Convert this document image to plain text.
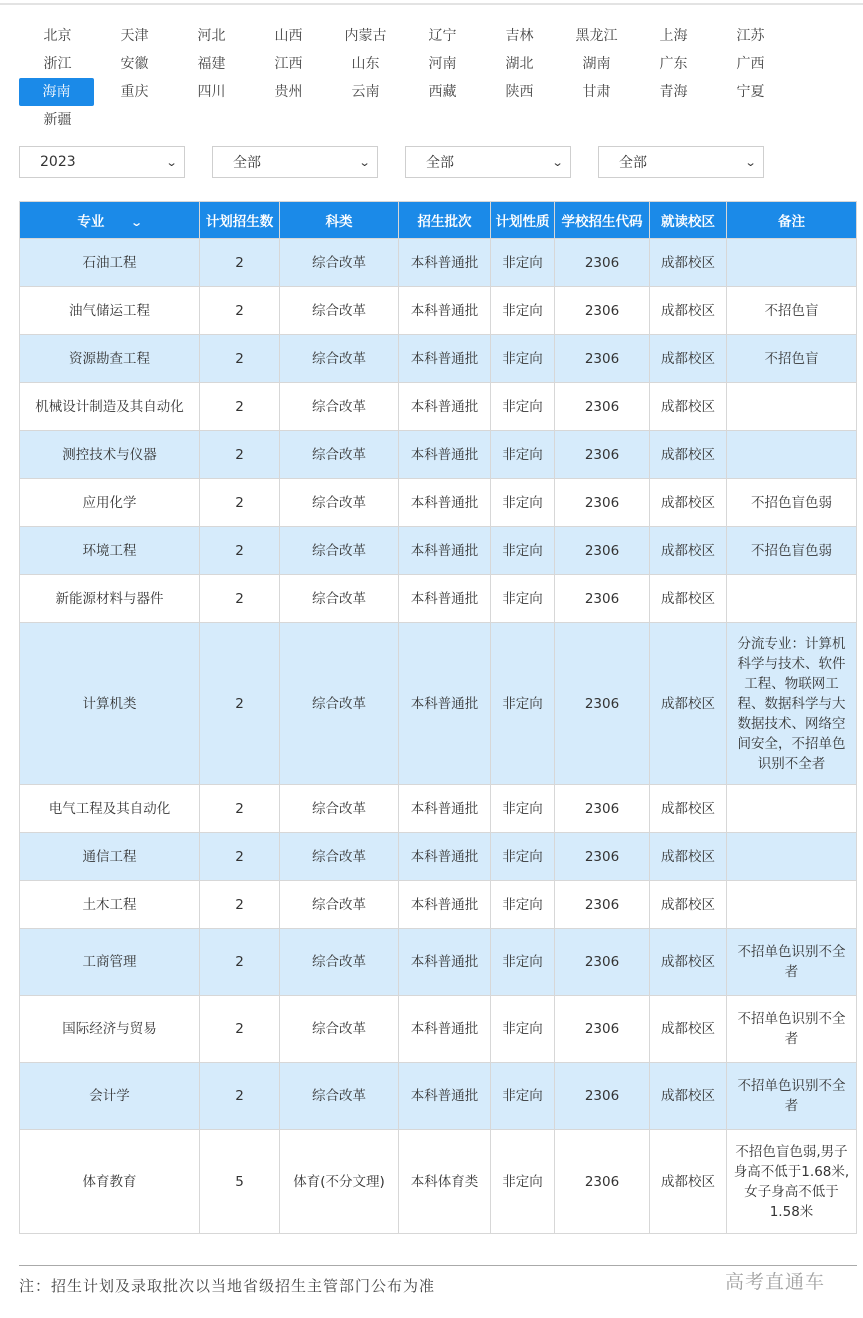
北京	天津	河北	山西	内蒙古	辽宁	吉林	黑龙江	上海	江苏
浙江	安徽	福建	江西	山东	河南	湖北	湖南	广东	广西
海南	重庆	四川	贵州	云南	西藏	陕西	甘肃	青海	宁夏
新疆
2023	⌄	全部	⌄	全部	⌄	全部	⌄
专业 ⌄	计划招生数	科类	招生批次	计划性质	学校招生代码	就读校区	备注
石油工程	2	综合改革	本科普通批	非定向	2306	成都校区	
油气储运工程	2	综合改革	本科普通批	非定向	2306	成都校区	不招色盲
资源勘查工程	2	综合改革	本科普通批	非定向	2306	成都校区	不招色盲
机械设计制造及其自动化	2	综合改革	本科普通批	非定向	2306	成都校区	
测控技术与仪器	2	综合改革	本科普通批	非定向	2306	成都校区	
应用化学	2	综合改革	本科普通批	非定向	2306	成都校区	不招色盲色弱
环境工程	2	综合改革	本科普通批	非定向	2306	成都校区	不招色盲色弱
新能源材料与器件	2	综合改革	本科普通批	非定向	2306	成都校区	
计算机类	2	综合改革	本科普通批	非定向	2306	成都校区	分流专业：计算机科学与技术、软件工程、物联网工程、数据科学与大数据技术、网络空间安全，不招单色识别不全者
电气工程及其自动化	2	综合改革	本科普通批	非定向	2306	成都校区	
通信工程	2	综合改革	本科普通批	非定向	2306	成都校区	
土木工程	2	综合改革	本科普通批	非定向	2306	成都校区	
工商管理	2	综合改革	本科普通批	非定向	2306	成都校区	不招单色识别不全者
国际经济与贸易	2	综合改革	本科普通批	非定向	2306	成都校区	不招单色识别不全者
会计学	2	综合改革	本科普通批	非定向	2306	成都校区	不招单色识别不全者
体育教育	5	体育(不分文理)	本科体育类	非定向	2306	成都校区	不招色盲色弱,男子身高不低于1.68米,女子身高不低于1.58米
注：招生计划及录取批次以当地省级招生主管部门公布为准	高考直通车
